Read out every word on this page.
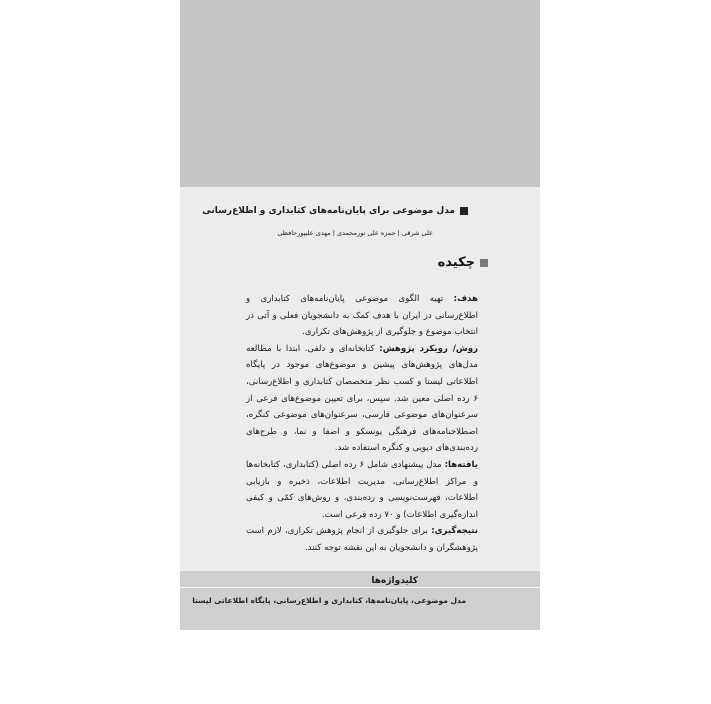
مدل موضوعی برای پایان‌نامه‌های کتابداری و اطلاع‌رسانی
علی شرقی | حمزه علی نورمحمدی | مهدی علیپور‌حافظی
چکیده

هدف: تهیه الگوی موضوعی پایان‌نامه‌های کتابداری و اطلاع‌رسانی در ایران با هدف کمک به دانشجویان فعلی و آتی در انتخاب موضوع و جلوگیری از پژوهش‌های تکراری.

روش/ رویکرد پژوهش: کتابخانه‌ای و دلفی. ابتدا با مطالعه مدل‌های پژوهش‌های پیشین و موضوع‌های موجود در پایگاه اطلاعاتی لیستا و کسب نظر متخصصان کتابداری و اطلاع‌رسانی، ۶ رده اصلی معین شد. سپس، برای تعیین موضوع‌های فرعی از سرعنوان‌های موضوعی فارسی، سرعنوان‌های موضوعی کنگره، اصطلاحنامه‌های فرهنگی یونسکو و اصفا و نما، و طرح‌های رده‌بندی‌های دیویی و کنگره استفاده شد.

یافته‌ها: مدل پیشنهادی شامل ۶ رده اصلی (کتابداری، کتابخانه‌ها و مراکز اطلاع‌رسانی، مدیریت اطلاعات، ذخیره و بازیابی اطلاعات، فهرست‌نویسی و رده‌بندی، و روش‌های کمّی و کیفی اندازه‌گیری اطلاعات) و ۷۰ رده فرعی است.

نتیجه‌گیری: برای جلوگیری از انجام پژوهش تکراری، لازم است پژوهشگران و دانشجویان به این نقشه توجه کنند.

کلیدواژه‌ها
مدل موضوعی، پایان‌نامه‌ها، کتابداری و اطلاع‌رسانی، پایگاه اطلاعاتی لیستا
